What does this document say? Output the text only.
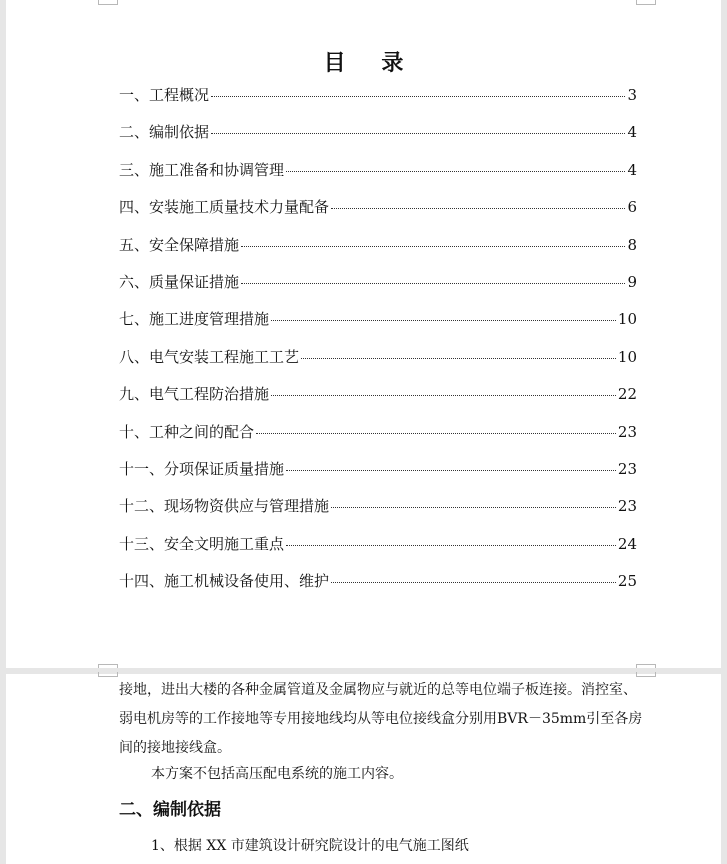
目 录
一、工程概况	3
二、编制依据	4
三、施工准备和协调管理	4
四、安装施工质量技术力量配备	6
五、安全保障措施	8
六、质量保证措施	9
七、施工进度管理措施	10
八、电气安装工程施工工艺	10
九、电气工程防治措施	22
十、工种之间的配合	23
十一、分项保证质量措施	23
十二、现场物资供应与管理措施	23
十三、安全文明施工重点	24
十四、施工机械设备使用、维护	25
接地，进出大楼的各种金属管道及金属物应与就近的总等电位端子板连接。消控室、弱电机房等的工作接地等专用接地线均从等电位接线盒分别用BVR－35mm引至各房间的接地接线盒。
本方案不包括高压配电系统的施工内容。
二、编制依据
1、根据 XX 市建筑设计研究院设计的电气施工图纸
